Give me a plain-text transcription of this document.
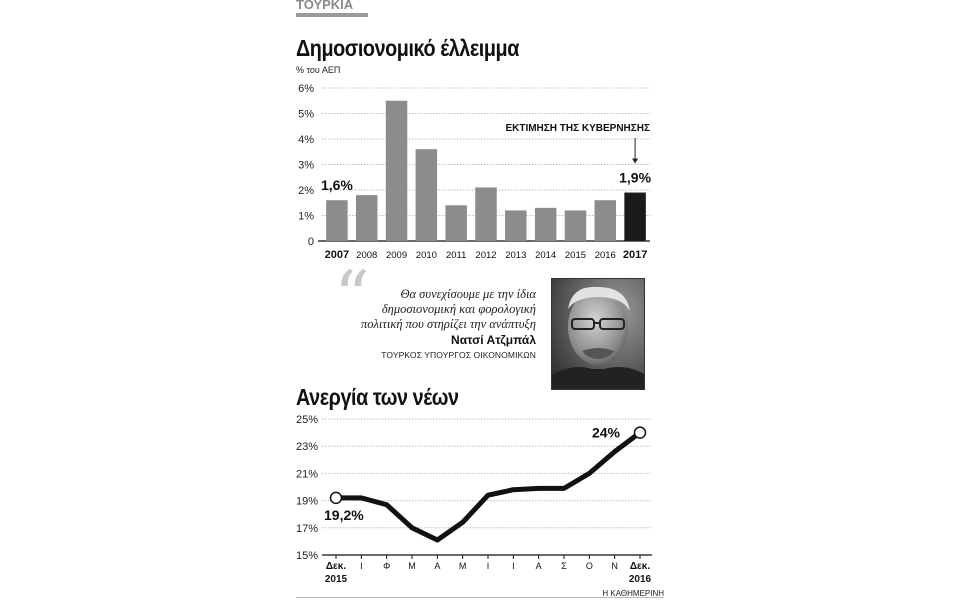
ΤΟΥΡΚΙΑ
Δημοσιονομικό έλλειμμα
% του ΑΕΠ
0
1%
2%
3%
4%
5%
6%
2007 2008 2009 2010 2011 2012 2013 2014 2015 2016 2017
1,6%	1,9%
ΕΚΤΙΜΗΣΗ ΤΗΣ ΚΥΒΕΡΝΗΣΗΣ
“	Θα συνεχίσουμε με την ίδια
δημοσιονομική και φορολογική
πολιτική που στηρίζει την ανάπτυξη
Νατσί Ατζμπάλ
ΤΟΥΡΚΟΣ ΥΠΟΥΡΓΟΣ ΟΙΚΟΝΟΜΙΚΩΝ
Ανεργία των νέων
15%
17%
19%
21%
23%
25%
Δεκ.
2015
Ι Φ Μ Α Μ Ι	Ι Α Σ Ο Ν Δεκ.
2016
19,2%
24%
Η ΚΑΘΗΜΕΡΙΝΗ
